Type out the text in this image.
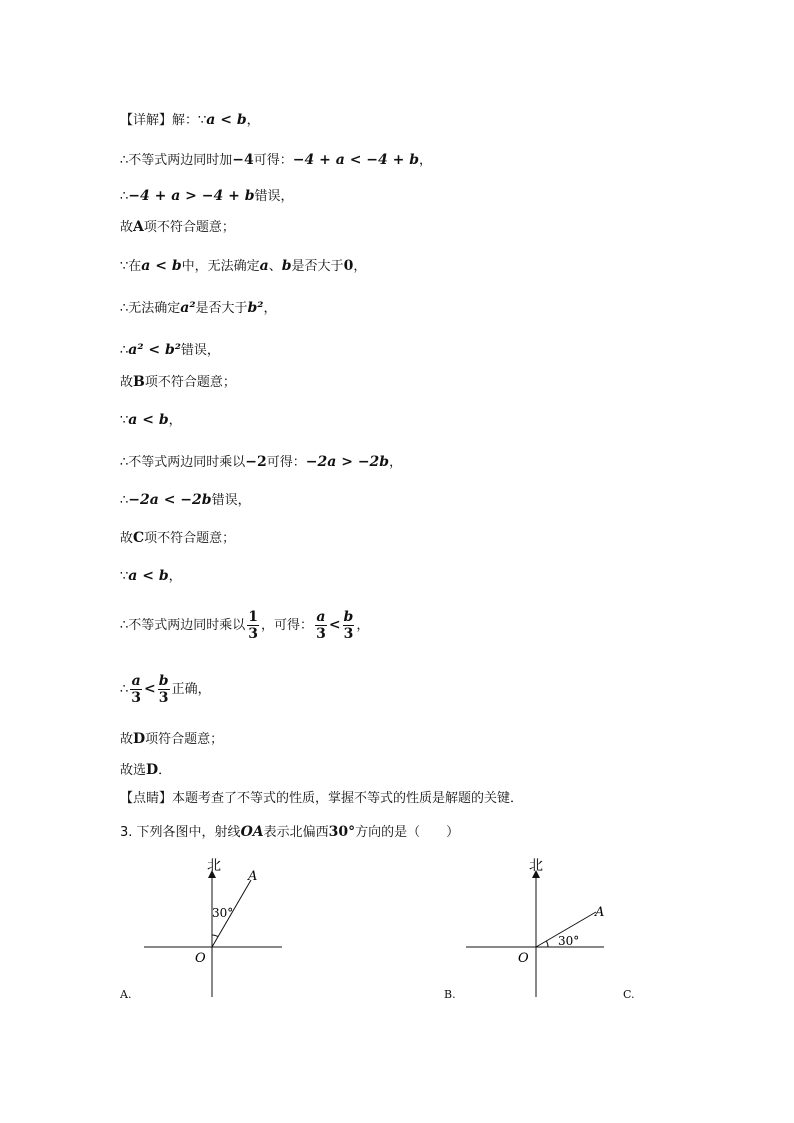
【详解】解：∵a < b，
∴不等式两边同时加−4可得：−4 + a < −4 + b，
∴−4 + a > −4 + b错误，
故A项不符合题意；
∵在a < b中，无法确定a、b是否大于0，
∴无法确定a²是否大于b²，
∴a² < b²错误，
故B项不符合题意；
∵a < b，
∴不等式两边同时乘以−2可得：−2a > −2b，
∴−2a < −2b错误，
故C项不符合题意；
∵a < b，
∴不等式两边同时乘以 $\frac{1}{3}$ ，可得： $\frac{a}{3} < \frac{b}{3}$ ，
∴ $\frac{a}{3} < \frac{b}{3}$ 正确，
故D项符合题意；
故选D．
【点睛】本题考查了不等式的性质，掌握不等式的性质是解题的关键．
3. 下列各图中，射线OA表示北偏西30°方向的是（　　）
北
A
30°
O
A.
北
A
30°
O
B.	C.
